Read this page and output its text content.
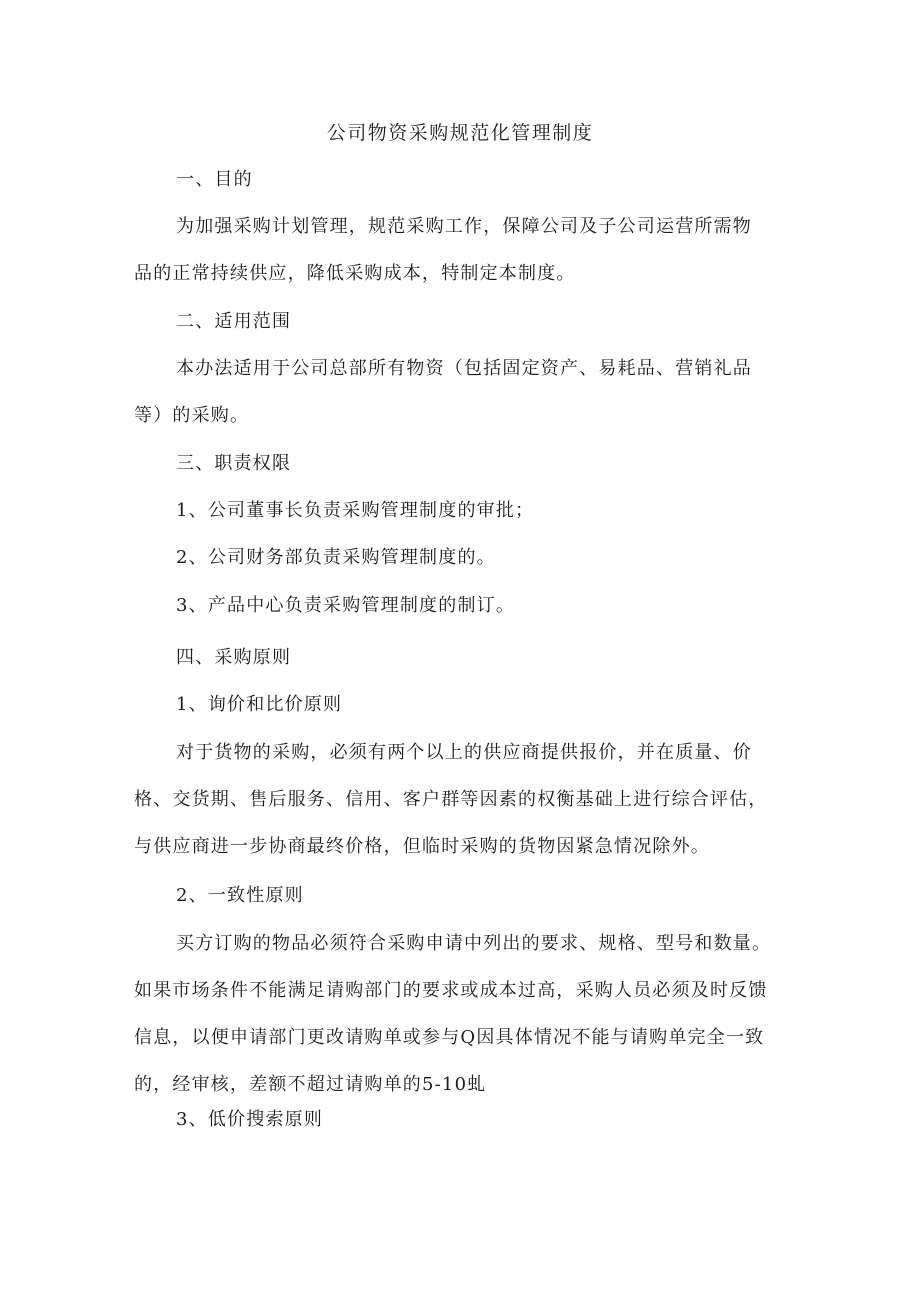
公司物资采购规范化管理制度
一、目的
为加强采购计划管理，规范采购工作，保障公司及子公司运营所需物
品的正常持续供应，降低采购成本，特制定本制度。
二、适用范围
本办法适用于公司总部所有物资（包括固定资产、易耗品、营销礼品
等）的采购。
三、职责权限
1、公司董事长负责采购管理制度的审批；
2、公司财务部负责采购管理制度的。
3、产品中心负责采购管理制度的制订。
四、采购原则
1、询价和比价原则
对于货物的采购，必须有两个以上的供应商提供报价，并在质量、价
格、交货期、售后服务、信用、客户群等因素的权衡基础上进行综合评估，
与供应商进一步协商最终价格，但临时采购的货物因紧急情况除外。
2、一致性原则
买方订购的物品必须符合采购申请中列出的要求、规格、型号和数量。
如果市场条件不能满足请购部门的要求或成本过高，采购人员必须及时反馈
信息，以便申请部门更改请购单或参与Q因具体情况不能与请购单完全一致
的，经审核，差额不超过请购单的5-10虬
3、低价搜索原则
